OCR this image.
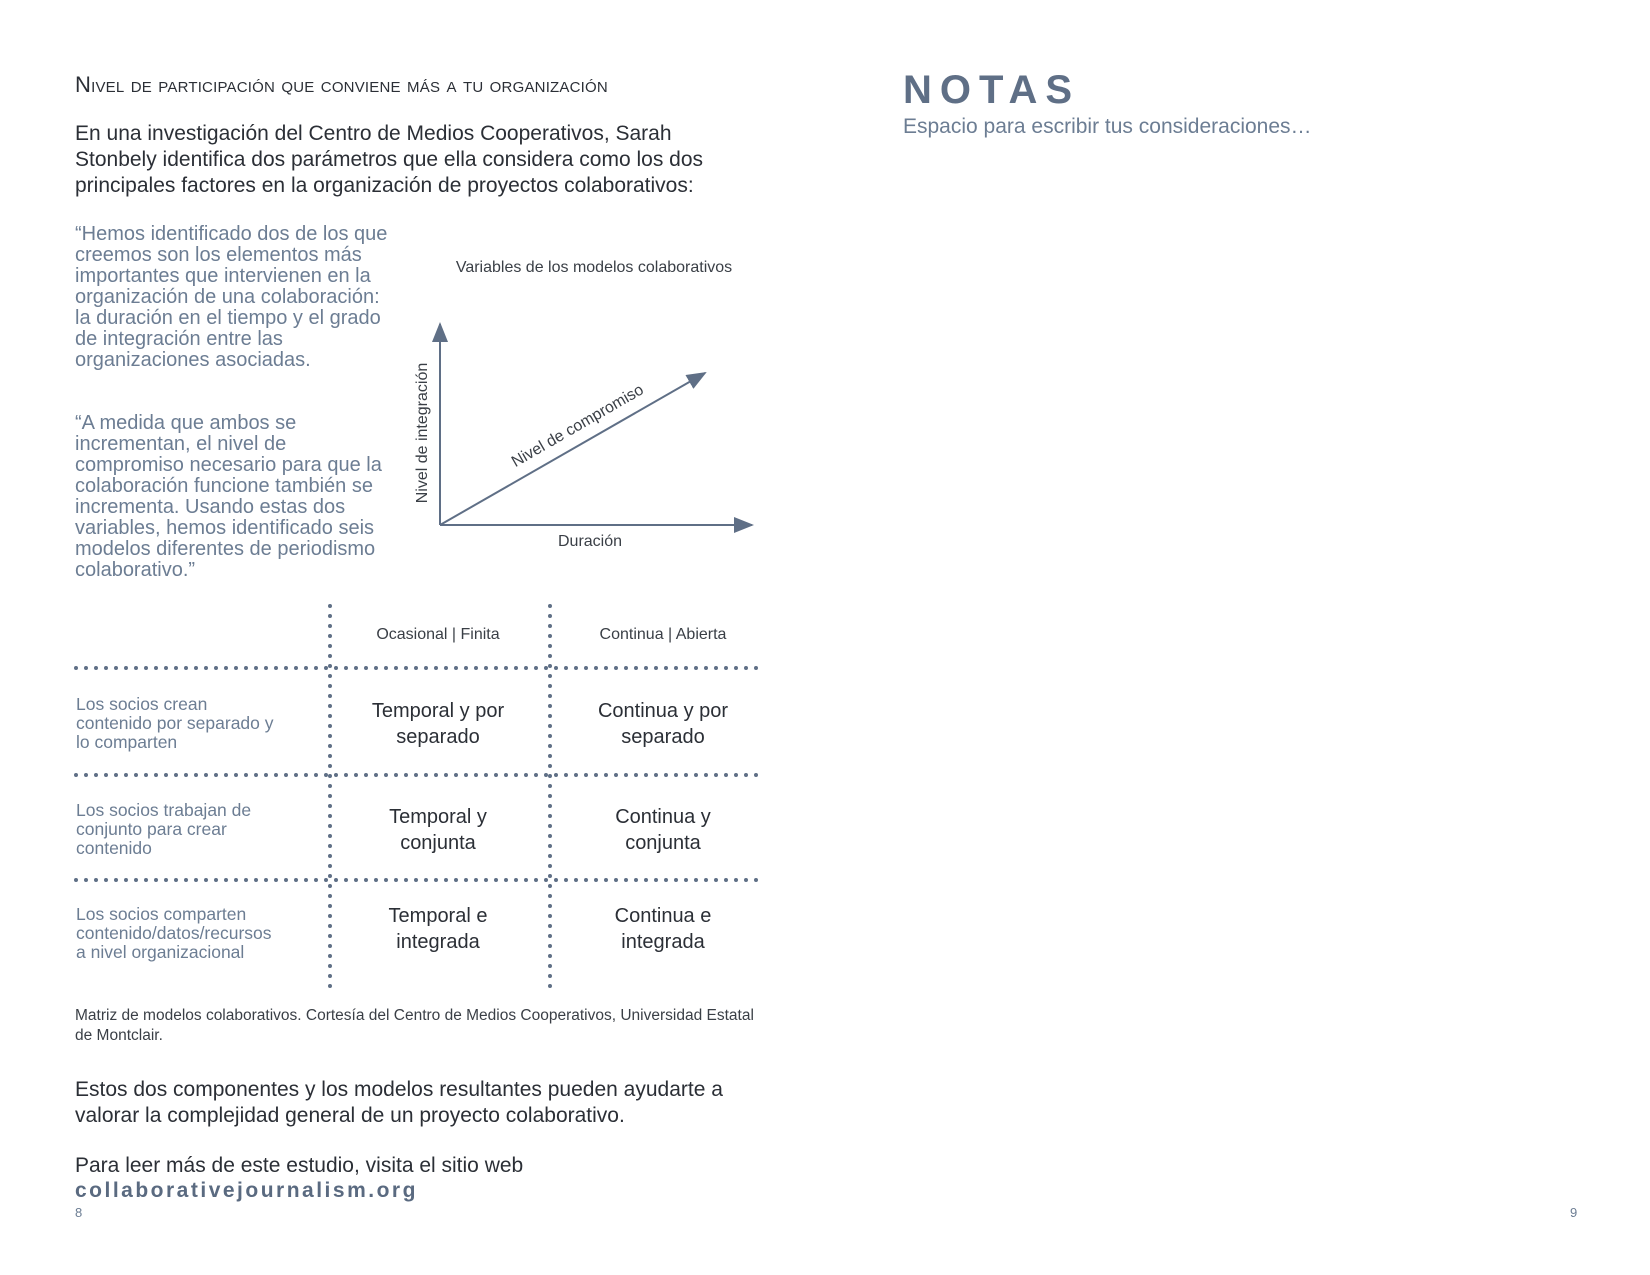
Nivel de participación que conviene más a tu organización
En una investigación del Centro de Medios Cooperativos, Sarah Stonbely identifica dos parámetros que ella considera como los dos principales factores en la organización de proyectos colaborativos:
“Hemos identificado dos de los que creemos son los elementos más importantes que intervienen en la organización de una colaboración: la duración en el tiempo y el grado de integración entre las organizaciones asociadas.
“A medida que ambos se incrementan, el nivel de compromiso necesario para que la colaboración funcione también se incrementa. Usando estas dos variables, hemos identificado seis modelos diferentes de periodismo colaborativo.”
Variables de los modelos colaborativos
Duración
Nivel de integración	Nivel de compromiso
Ocasional | Finita	Continua | Abierta
Los socios crean
contenido por separado y
lo comparten
Temporal y por
separado
Continua y por
separado
Los socios trabajan de
conjunto para crear
contenido
Temporal y
conjunta
Continua y
conjunta
Los socios comparten
contenido/datos/recursos
a nivel organizacional
Temporal e
integrada
Continua e
integrada
Matriz de modelos colaborativos. Cortesía del Centro de Medios Cooperativos, Universidad Estatal de Montclair.
Estos dos componentes y los modelos resultantes pueden ayudarte a valorar la complejidad general de un proyecto colaborativo.
Para leer más de este estudio, visita el sitio web
collaborativejournalism.org
8
NOTAS
Espacio para escribir tus consideraciones…
9
